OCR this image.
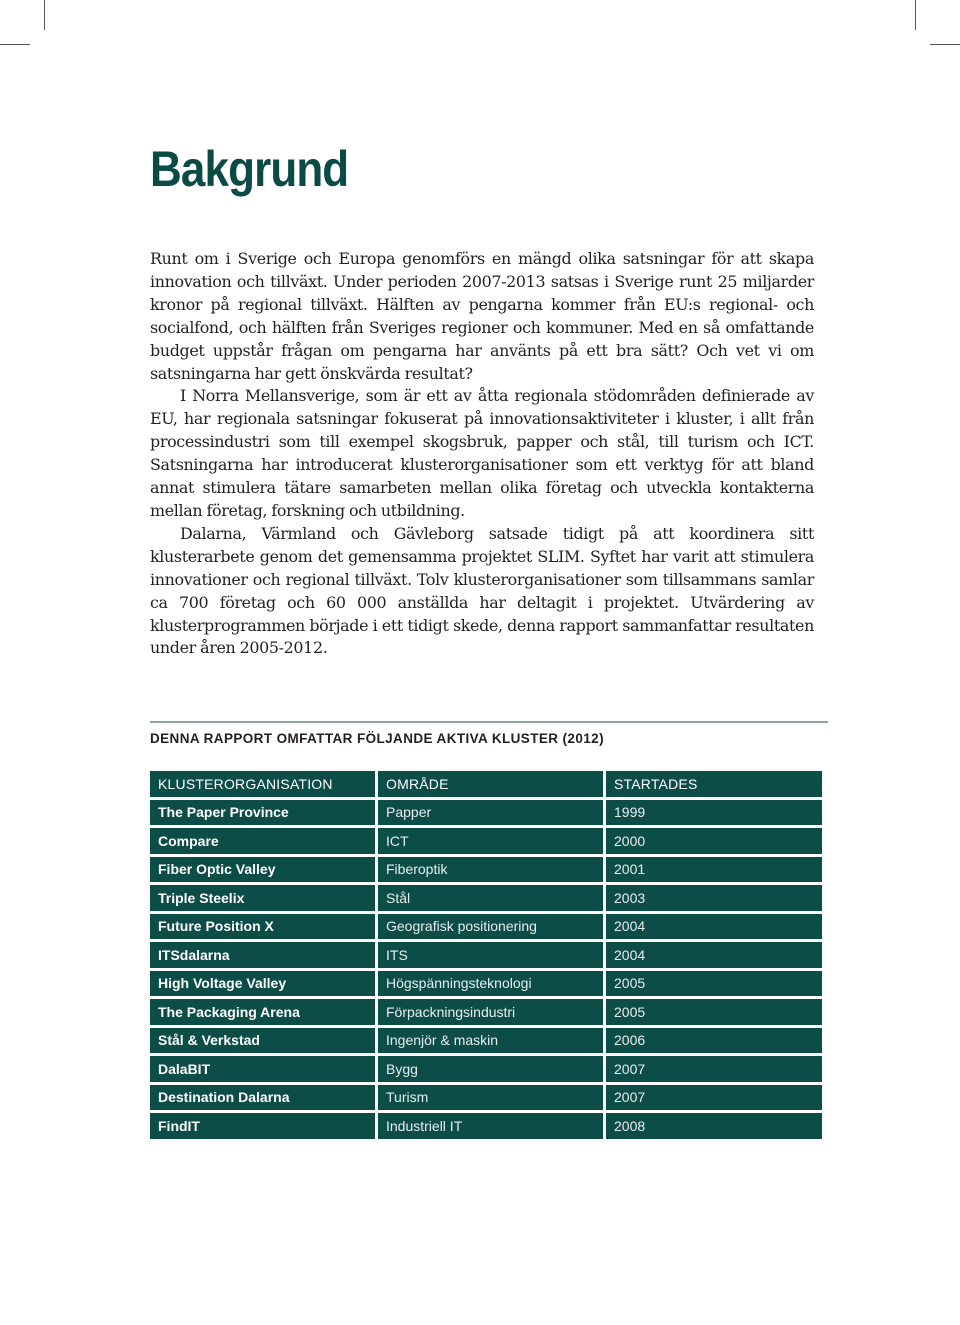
Bakgrund

Runt om i Sverige och Europa genomförs en mängd olika satsningar för att skapa innovation och tillväxt. Under perioden 2007-2013 satsas i Sverige runt 25 miljarder kronor på regional tillväxt. Hälften av pengarna kommer från EU:s regional- och socialfond, och hälften från Sveriges regioner och kommuner. Med en så omfattande budget uppstår frågan om pengarna har använts på ett bra sätt? Och vet vi om satsningarna har gett önskvärda resultat?

I Norra Mellansverige, som är ett av åtta regionala stödområden definierade av EU, har regionala satsningar fokuserat på innovationsaktiviteter i kluster, i allt från processindustri som till exempel skogsbruk, papper och stål, till turism och ICT. Satsningarna har introducerat klusterorganisationer som ett verktyg för att bland annat stimulera tätare samarbeten mellan olika företag och utveckla kontakterna mellan företag, forskning och utbildning.

Dalarna, Värmland och Gävleborg satsade tidigt på att koordinera sitt klusterarbete genom det gemensamma projektet SLIM. Syftet har varit att stimulera innovationer och regional tillväxt. Tolv klusterorganisationer som tillsammans samlar ca 700 företag och 60 000 anställda har deltagit i projektet. Utvärdering av klusterprogrammen började i ett tidigt skede, denna rapport sammanfattar resultaten under åren 2005-2012.

DENNA RAPPORT OMFATTAR FÖLJANDE AKTIVA KLUSTER (2012)
KLUSTERORGANISATION	OMRÅDE	STARTADES
The Paper Province	Papper	1999
Compare	ICT	2000
Fiber Optic Valley	Fiberoptik	2001
Triple Steelix	Stål	2003
Future Position X	Geografisk positionering	2004
ITSdalarna	ITS	2004
High Voltage Valley	Högspänningsteknologi	2005
The Packaging Arena	Förpackningsindustri	2005
Stål & Verkstad	Ingenjör & maskin	2006
DalaBIT	Bygg	2007
Destination Dalarna	Turism	2007
FindIT	Industriell IT	2008
